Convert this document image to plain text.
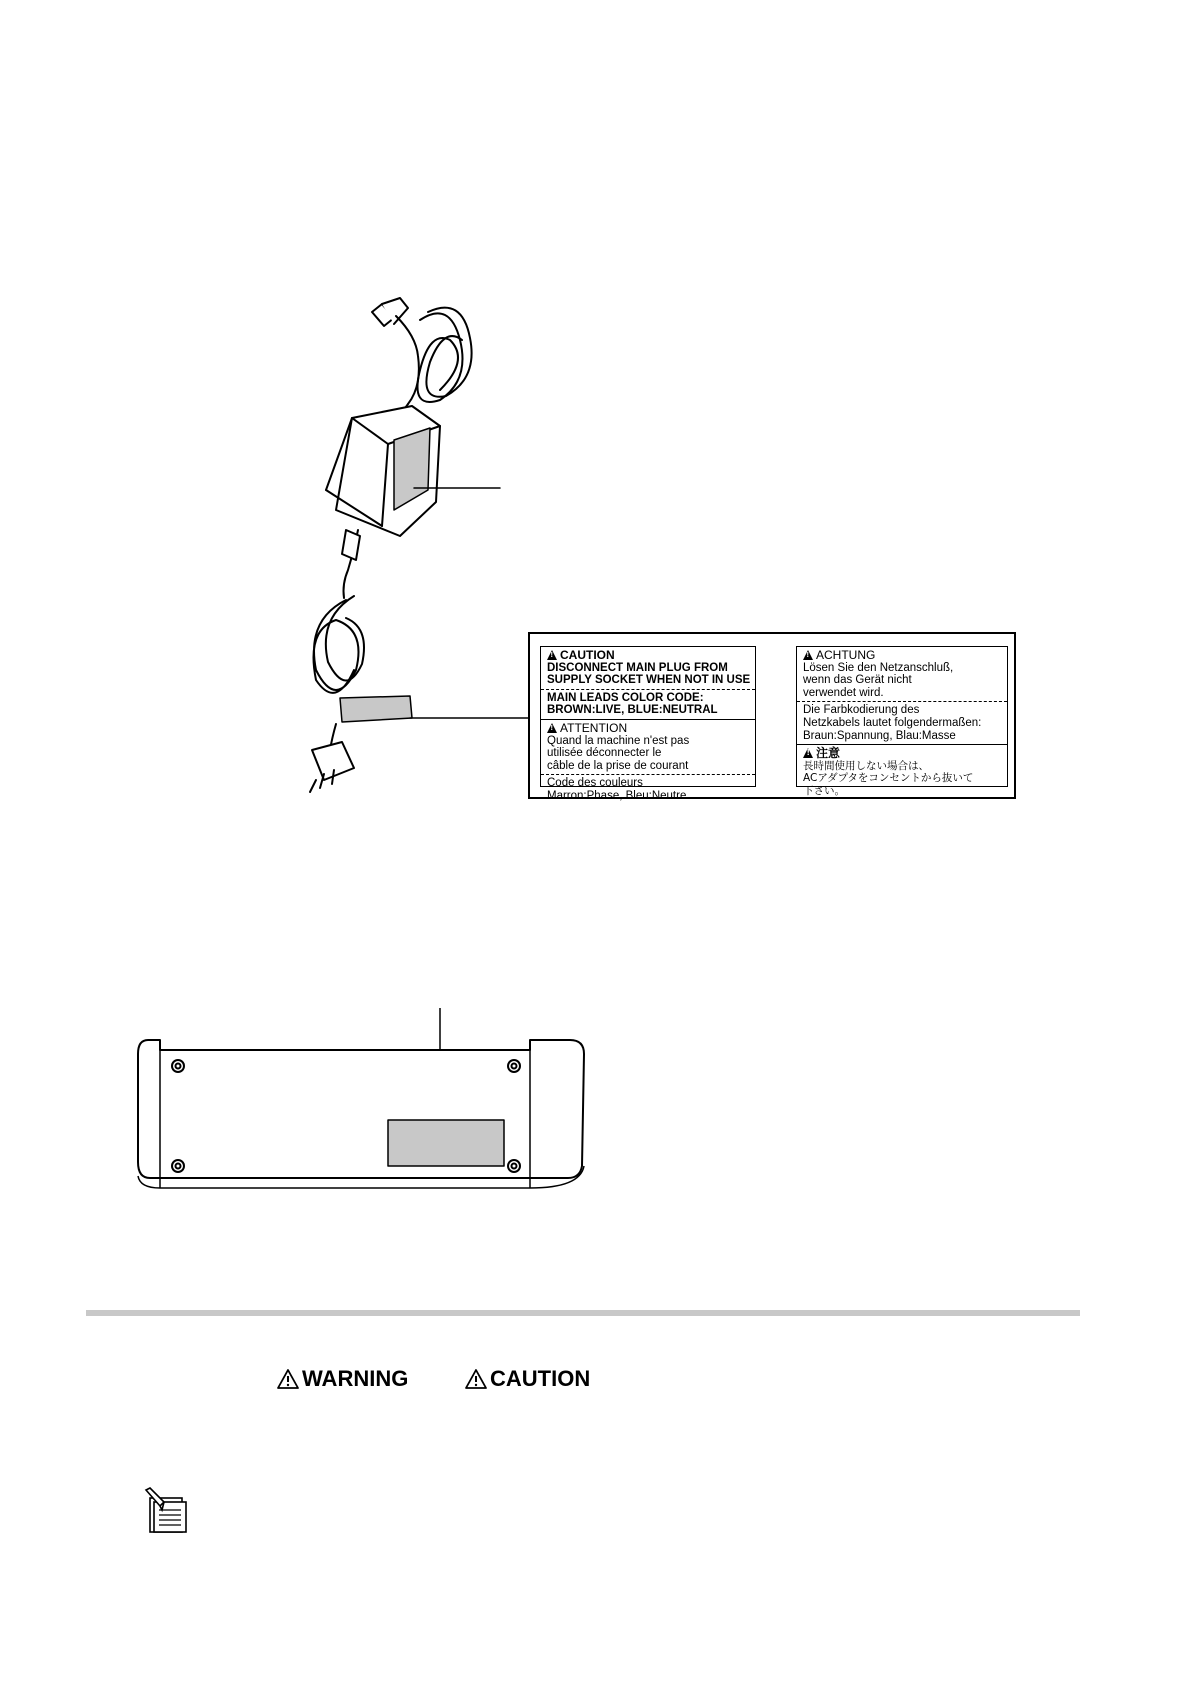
!
CAUTION
DISCONNECT MAIN PLUG FROM
SUPPLY SOCKET WHEN NOT IN USE
MAIN LEADS COLOR CODE:
BROWN:LIVE, BLUE:NEUTRAL
!
ATTENTION
Quand la machine n'est pas
utilisée déconnecter le
câble de la prise de courant
Code des couleurs
Marron:Phase, Bleu:Neutre
!
ACHTUNG
Lösen Sie den Netzanschluß,
wenn das Gerät nicht
verwendet wird.
Die Farbkodierung des
Netzkabels lautet folgendermaßen:
Braun:Spannung, Blau:Masse
!
注意
長時間使用しない場合は、
ACアダプタをコンセントから抜いて
下さい。
WARNING	CAUTION
